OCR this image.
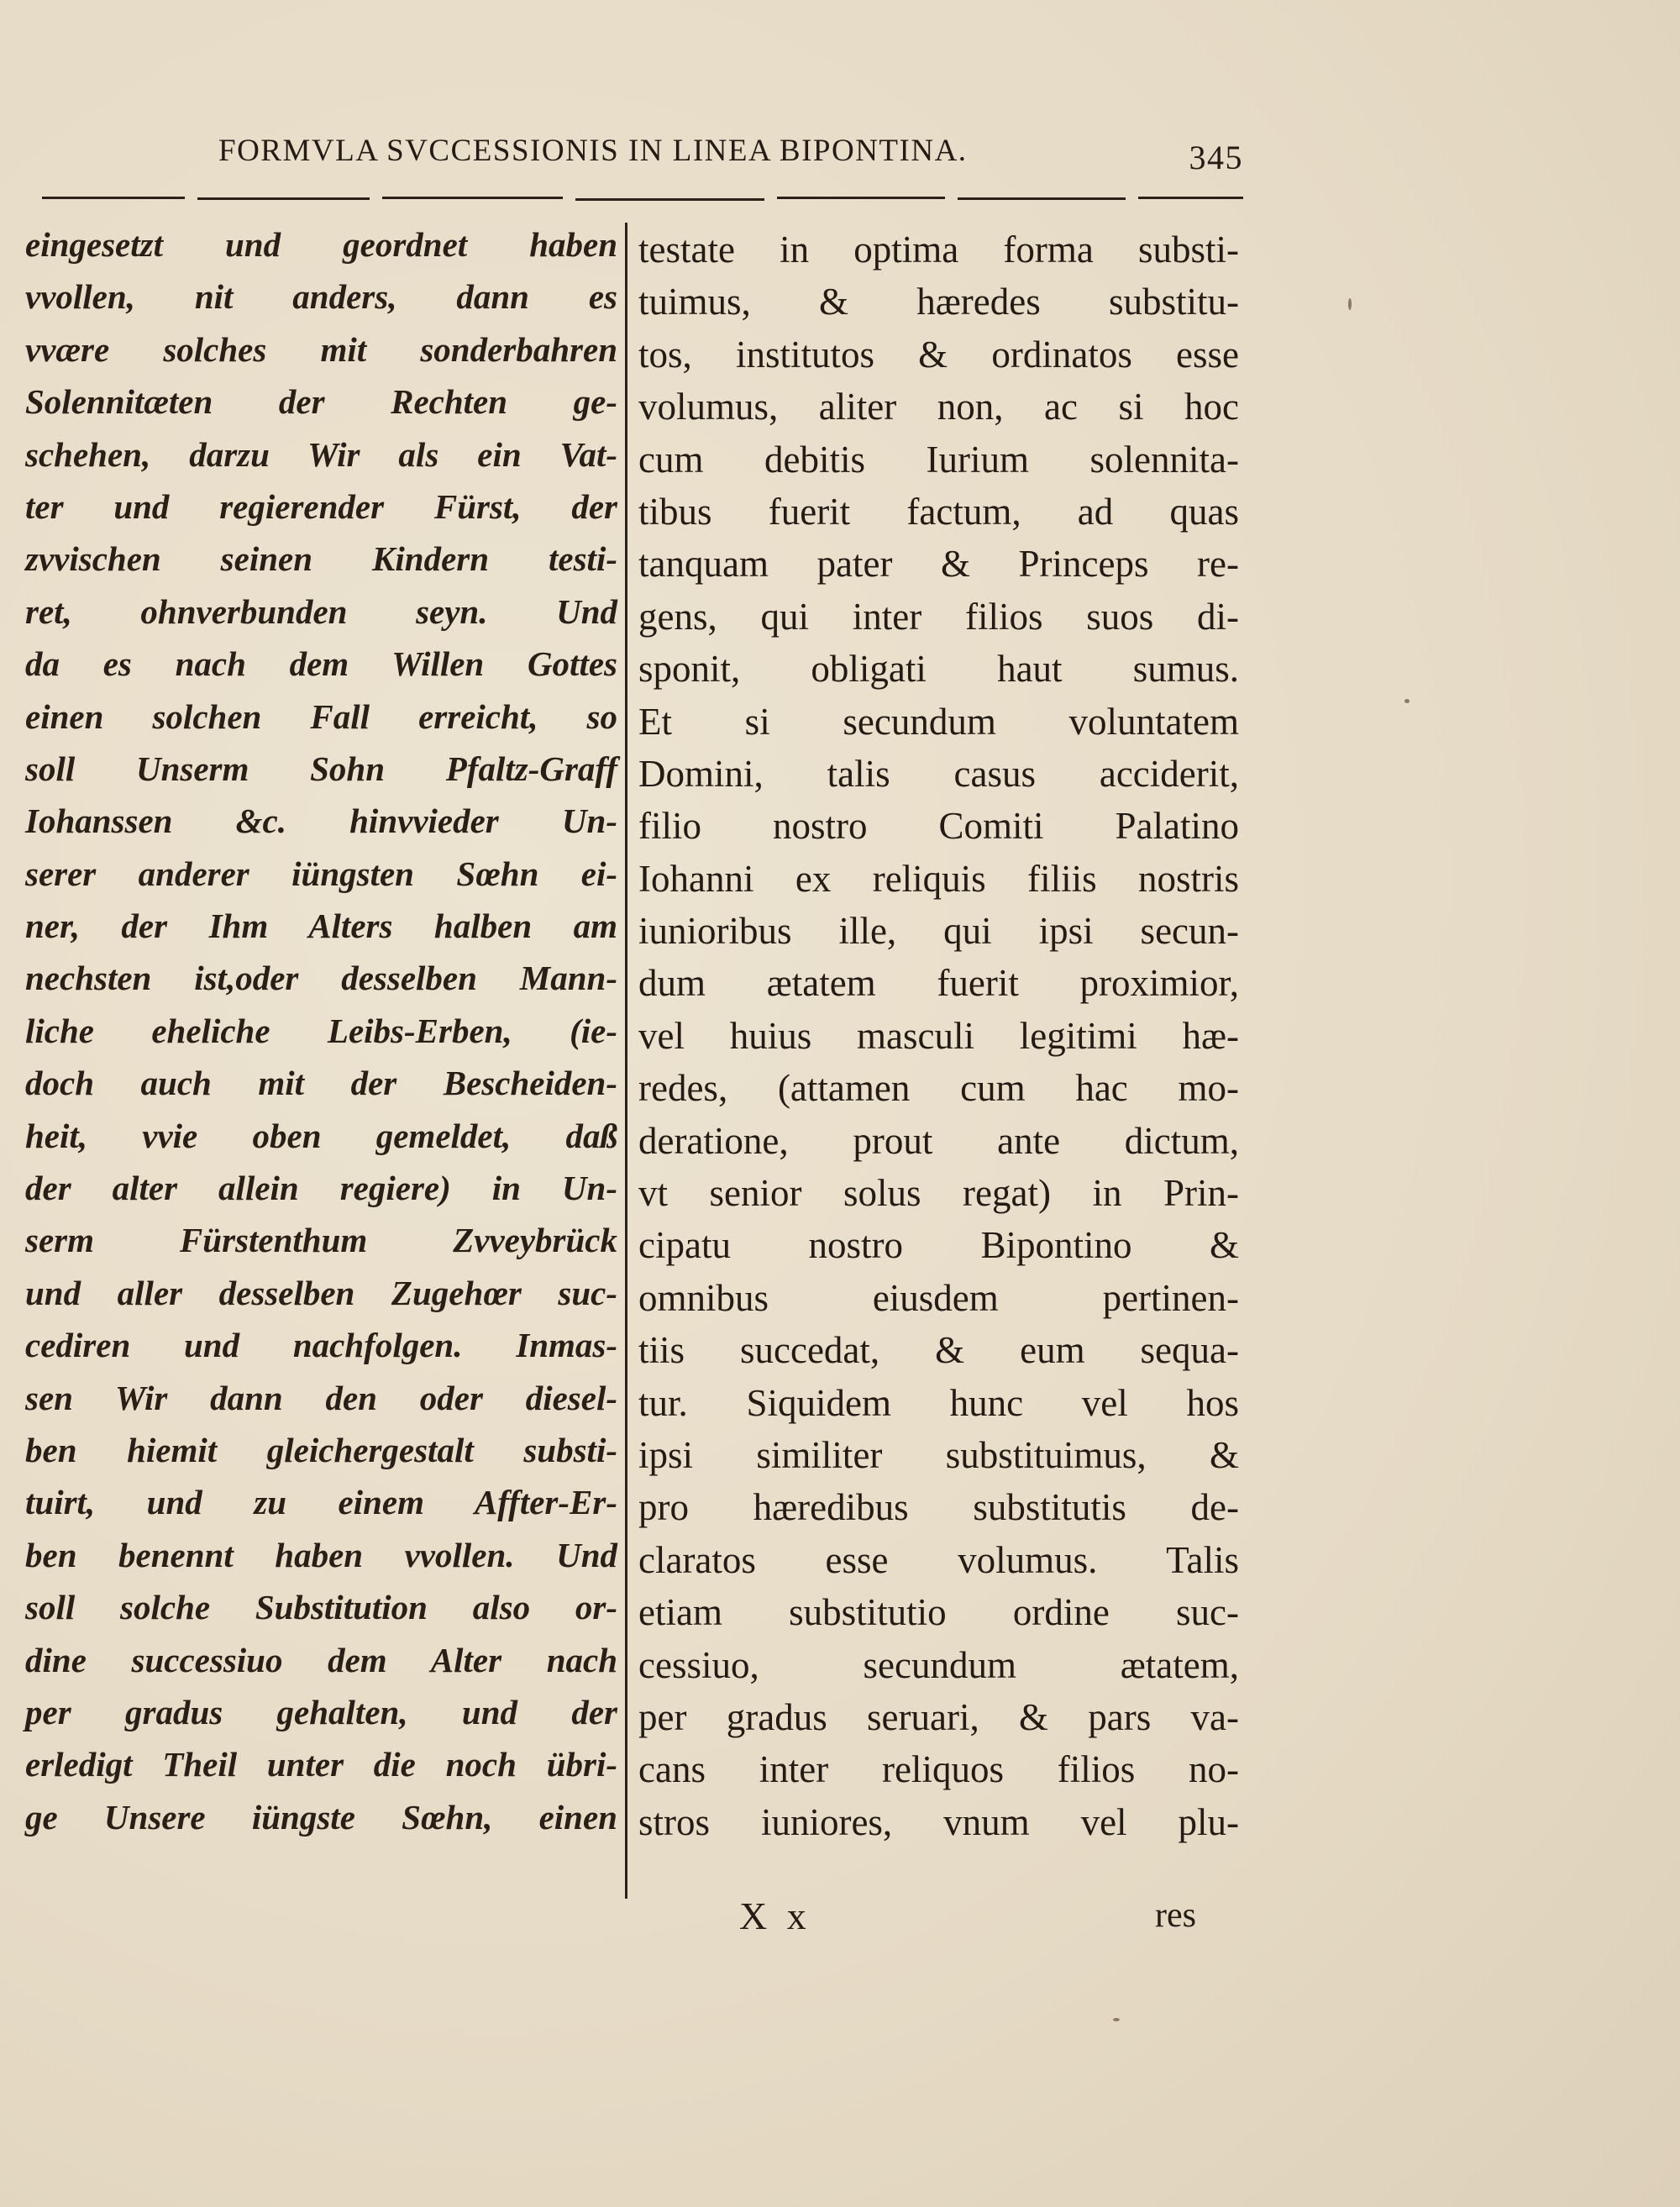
FORMVLA SVCCESSIONIS IN LINEA BIPONTINA.	345
eingesetzt und geordnet haben
vvollen, nit anders, dann es
vvære solches mit sonderbahren
Solennitæten der Rechten ge-
schehen, darzu Wir als ein Vat-
ter und regierender Fürst, der
zvvischen seinen Kindern testi-
ret, ohnverbunden seyn. Und
da es nach dem Willen Gottes
einen solchen Fall erreicht, so
soll Unserm Sohn Pfaltz-Graff
Iohanssen &c. hinvvieder Un-
serer anderer iüngsten Sœhn ei-
ner, der Ihm Alters halben am
nechsten ist,oder desselben Mann-
liche eheliche Leibs-Erben, (ie-
doch auch mit der Bescheiden-
heit, vvie oben gemeldet, daß
der alter allein regiere) in Un-
serm Fürstenthum Zvveybrück
und aller desselben Zugehœr suc-
cediren und nachfolgen. Inmas-
sen Wir dann den oder diesel-
ben hiemit gleichergestalt substi-
tuirt, und zu einem Affter-Er-
ben benennt haben vvollen. Und
soll solche Substitution also or-
dine successiuo dem Alter nach
per gradus gehalten, und der
erledigt Theil unter die noch übri-
ge Unsere iüngste Sœhn, einen
testate in optima forma substi-
tuimus, & hæredes substitu-
tos, institutos & ordinatos esse
volumus, aliter non, ac si hoc
cum debitis Iurium solennita-
tibus fuerit factum, ad quas
tanquam pater & Princeps re-
gens, qui inter filios suos di-
sponit, obligati haut sumus.
Et si secundum voluntatem
Domini, talis casus acciderit,
filio nostro Comiti Palatino
Iohanni ex reliquis filiis nostris
iunioribus ille, qui ipsi secun-
dum ætatem fuerit proximior,
vel huius masculi legitimi hæ-
redes, (attamen cum hac mo-
deratione, prout ante dictum,
vt senior solus regat) in Prin-
cipatu nostro Bipontino &
omnibus eiusdem pertinen-
tiis succedat, & eum sequa-
tur. Siquidem hunc vel hos
ipsi similiter substituimus, &
pro hæredibus substitutis de-
claratos esse volumus. Talis
etiam substitutio ordine suc-
cessiuo, secundum ætatem,
per gradus seruari, & pars va-
cans inter reliquos filios no-
stros iuniores, vnum vel plu-
X x	res
